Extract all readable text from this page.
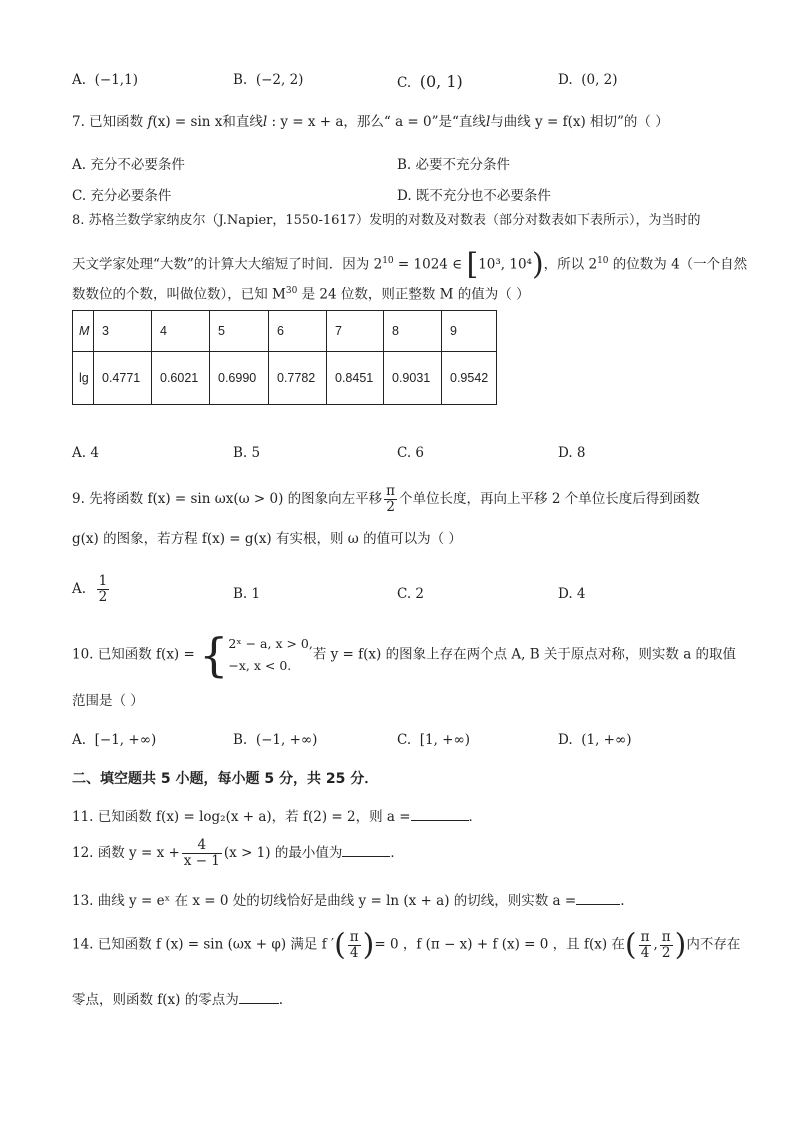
A. (−1,1)	B. (−2, 2)	C. (0, 1)	D. (0, 2)
7. 已知函数 f(x) = sin x和直线l : y = x + a，那么“ a = 0”是“直线l与曲线 y = f(x) 相切”的（ ）
A. 充分不必要条件	B. 必要不充分条件
C. 充分必要条件	D. 既不充分也不必要条件
8. 苏格兰数学家纳皮尔（J.Napier，1550-1617）发明的对数及对数表（部分对数表如下表所示），为当时的
天文学家处理“大数”的计算大大缩短了时间．因为 $2^{10} = 1024$ ∈ [10³, 10⁴)，所以 $2^{10}$ 的位数为 4（一个自然
数数位的个数，叫做位数），已知 $M^{30}$ 是 24 位数，则正整数 M 的值为（ ）
M	3	4	5	6	7	8	9
lg	0.4771	0.6021	0.6990	0.7782	0.8451	0.9031	0.9542
A. 4	B. 5	C. 6	D. 8
9. 先将函数 f(x) = sin ωx(ω > 0) 的图象向左平移 $\frac{\pi}{2}$ 个单位长度，再向上平移 2 个单位长度后得到函数
g(x) 的图象，若方程 f(x) = g(x) 有实根，则 ω 的值可以为（ ）
A. $\frac{1}{2}$	B. 1	C. 2	D. 4
10. 已知函数 f(x) = { 2ˣ − a, x > 0,
−x, x < 0.
若 y = f(x) 的图象上存在两个点 A, B 关于原点对称，则实数 a 的取值
范围是（ ）
A. [−1, +∞)	B. (−1, +∞)	C. [1, +∞)	D. (1, +∞)
二、填空题共 5 小题，每小题 5 分，共 25 分．
11. 已知函数 f(x) = log₂(x + a)，若 f(2) = 2，则 a =	．
12. 函数 $y = x + \frac{4}{x - 1} (x > 1)$ 的最小值为	．
13. 曲线 y = eˣ 在 x = 0 处的切线恰好是曲线 y = ln (x + a) 的切线，则实数 a =	.
14. 已知函数 f (x) = sin (ωx + φ) 满足 f ′( $\frac{\pi}{4}$ )= 0 ，f (π − x) + f (x) = 0 ，且 f(x) 在( $\frac{\pi}{4}$ , $\frac{\pi}{2}$ )内不存在
零点，则函数 f(x) 的零点为	.
